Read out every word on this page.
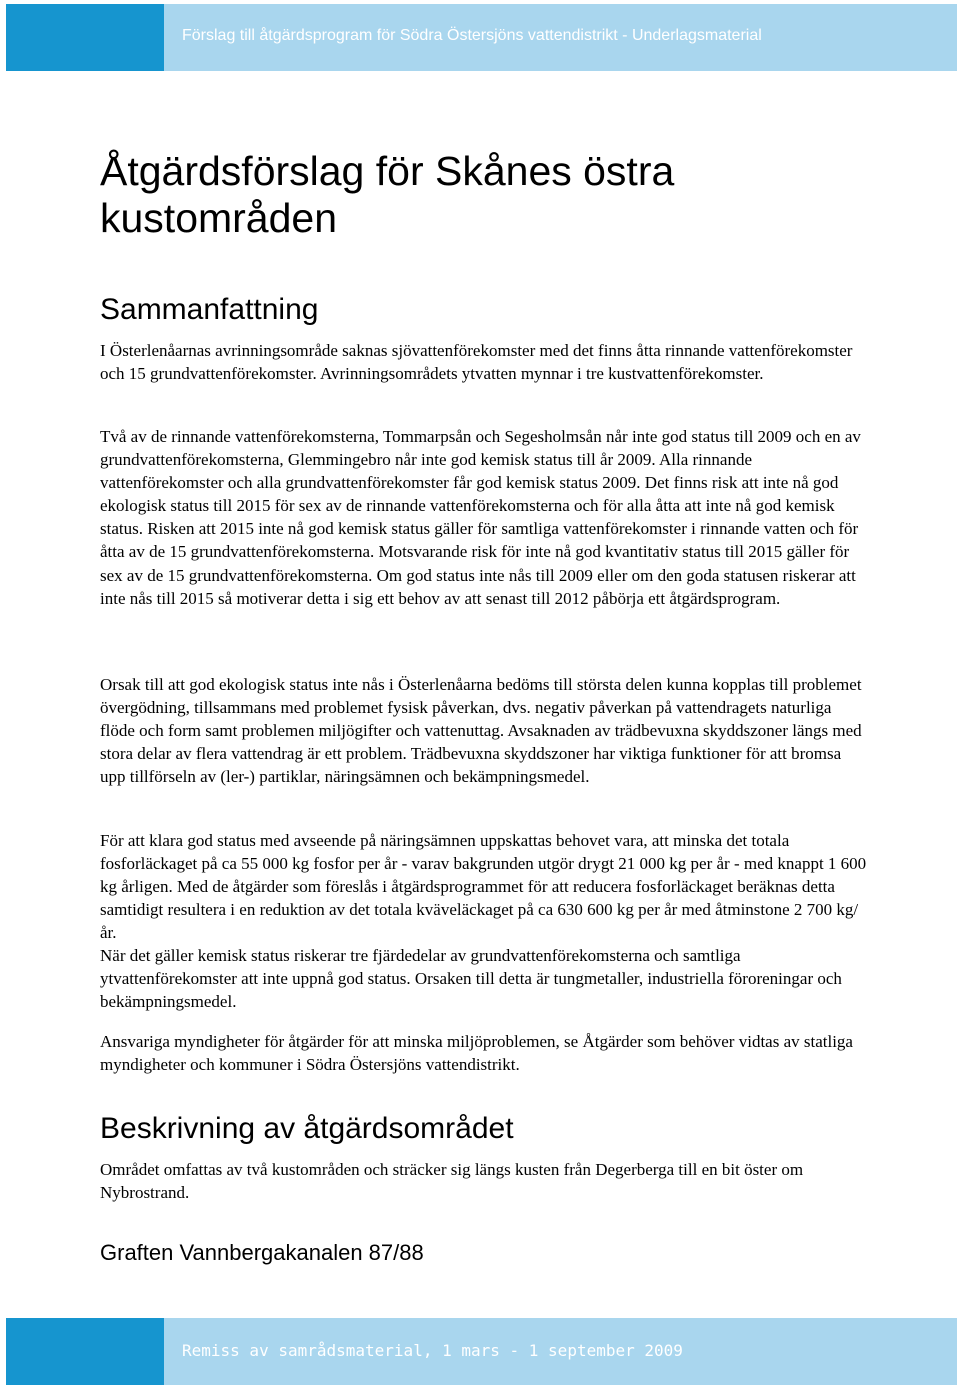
Förslag till åtgärdsprogram för Södra Östersjöns vattendistrikt - Underlagsmaterial
Åtgärdsförslag för Skånes östra kustområden
Sammanfattning

I Österlenåarnas avrinningsområde saknas sjövattenförekomster med det finns åtta rinnande vattenförekomster och 15 grundvattenförekomster. Avrinningsområdets ytvatten mynnar i tre kustvattenförekomster.

Två av de rinnande vattenförekomsterna, Tommarpsån och Segesholmsån når inte god status till 2009 och en av grundvattenförekomsterna, Glemmingebro når inte god kemisk status till år 2009. Alla rinnande vattenförekomster och alla grundvattenförekomster får god kemisk status 2009. Det finns risk att inte nå god ekologisk status till 2015 för sex av de rinnande vattenförekomsterna och för alla åtta att inte nå god kemisk status. Risken att 2015 inte nå god kemisk status gäller för samtliga vattenförekomster i rinnande vatten och för åtta av de 15 grundvattenförekomsterna. Motsvarande risk för inte nå god kvantitativ status till 2015 gäller för sex av de 15 grundvattenförekomsterna. Om god status inte nås till 2009 eller om den goda statusen riskerar att inte nås till 2015 så motiverar detta i sig ett behov av att senast till 2012 påbörja ett åtgärdsprogram.

Orsak till att god ekologisk status inte nås i Österlenåarna bedöms till största delen kunna kopplas till problemet övergödning, tillsammans med problemet fysisk påverkan, dvs. negativ påverkan på vattendragets naturliga flöde och form samt problemen miljögifter och vattenuttag. Avsaknaden av trädbevuxna skyddszoner längs med stora delar av flera vattendrag är ett problem. Trädbevuxna skyddszoner har viktiga funktioner för att bromsa upp tillförseln av (ler-) partiklar, näringsämnen och bekämpningsmedel.

För att klara god status med avseende på näringsämnen uppskattas behovet vara, att minska det totala fosforläckaget på ca 55 000 kg fosfor per år - varav bakgrunden utgör drygt 21 000 kg per år - med knappt 1 600 kg årligen. Med de åtgärder som föreslås i åtgärdsprogrammet för att reducera fosforläckaget beräknas detta samtidigt resultera i en reduktion av det totala kväveläckaget på ca 630 600 kg per år med åtminstone 2 700 kg/år.

När det gäller kemisk status riskerar tre fjärdedelar av grundvattenförekomsterna och samtliga ytvattenförekomster att inte uppnå god status. Orsaken till detta är tungmetaller, industriella föroreningar och bekämpningsmedel.

Ansvariga myndigheter för åtgärder för att minska miljöproblemen, se Åtgärder som behöver vidtas av statliga myndigheter och kommuner i Södra Östersjöns vattendistrikt.

Beskrivning av åtgärdsområdet

Området omfattas av två kustområden och sträcker sig längs kusten från Degerberga till en bit öster om Nybrostrand.

Graften Vannbergakanalen 87/88
Remiss av samrådsmaterial, 1 mars - 1 september 2009
